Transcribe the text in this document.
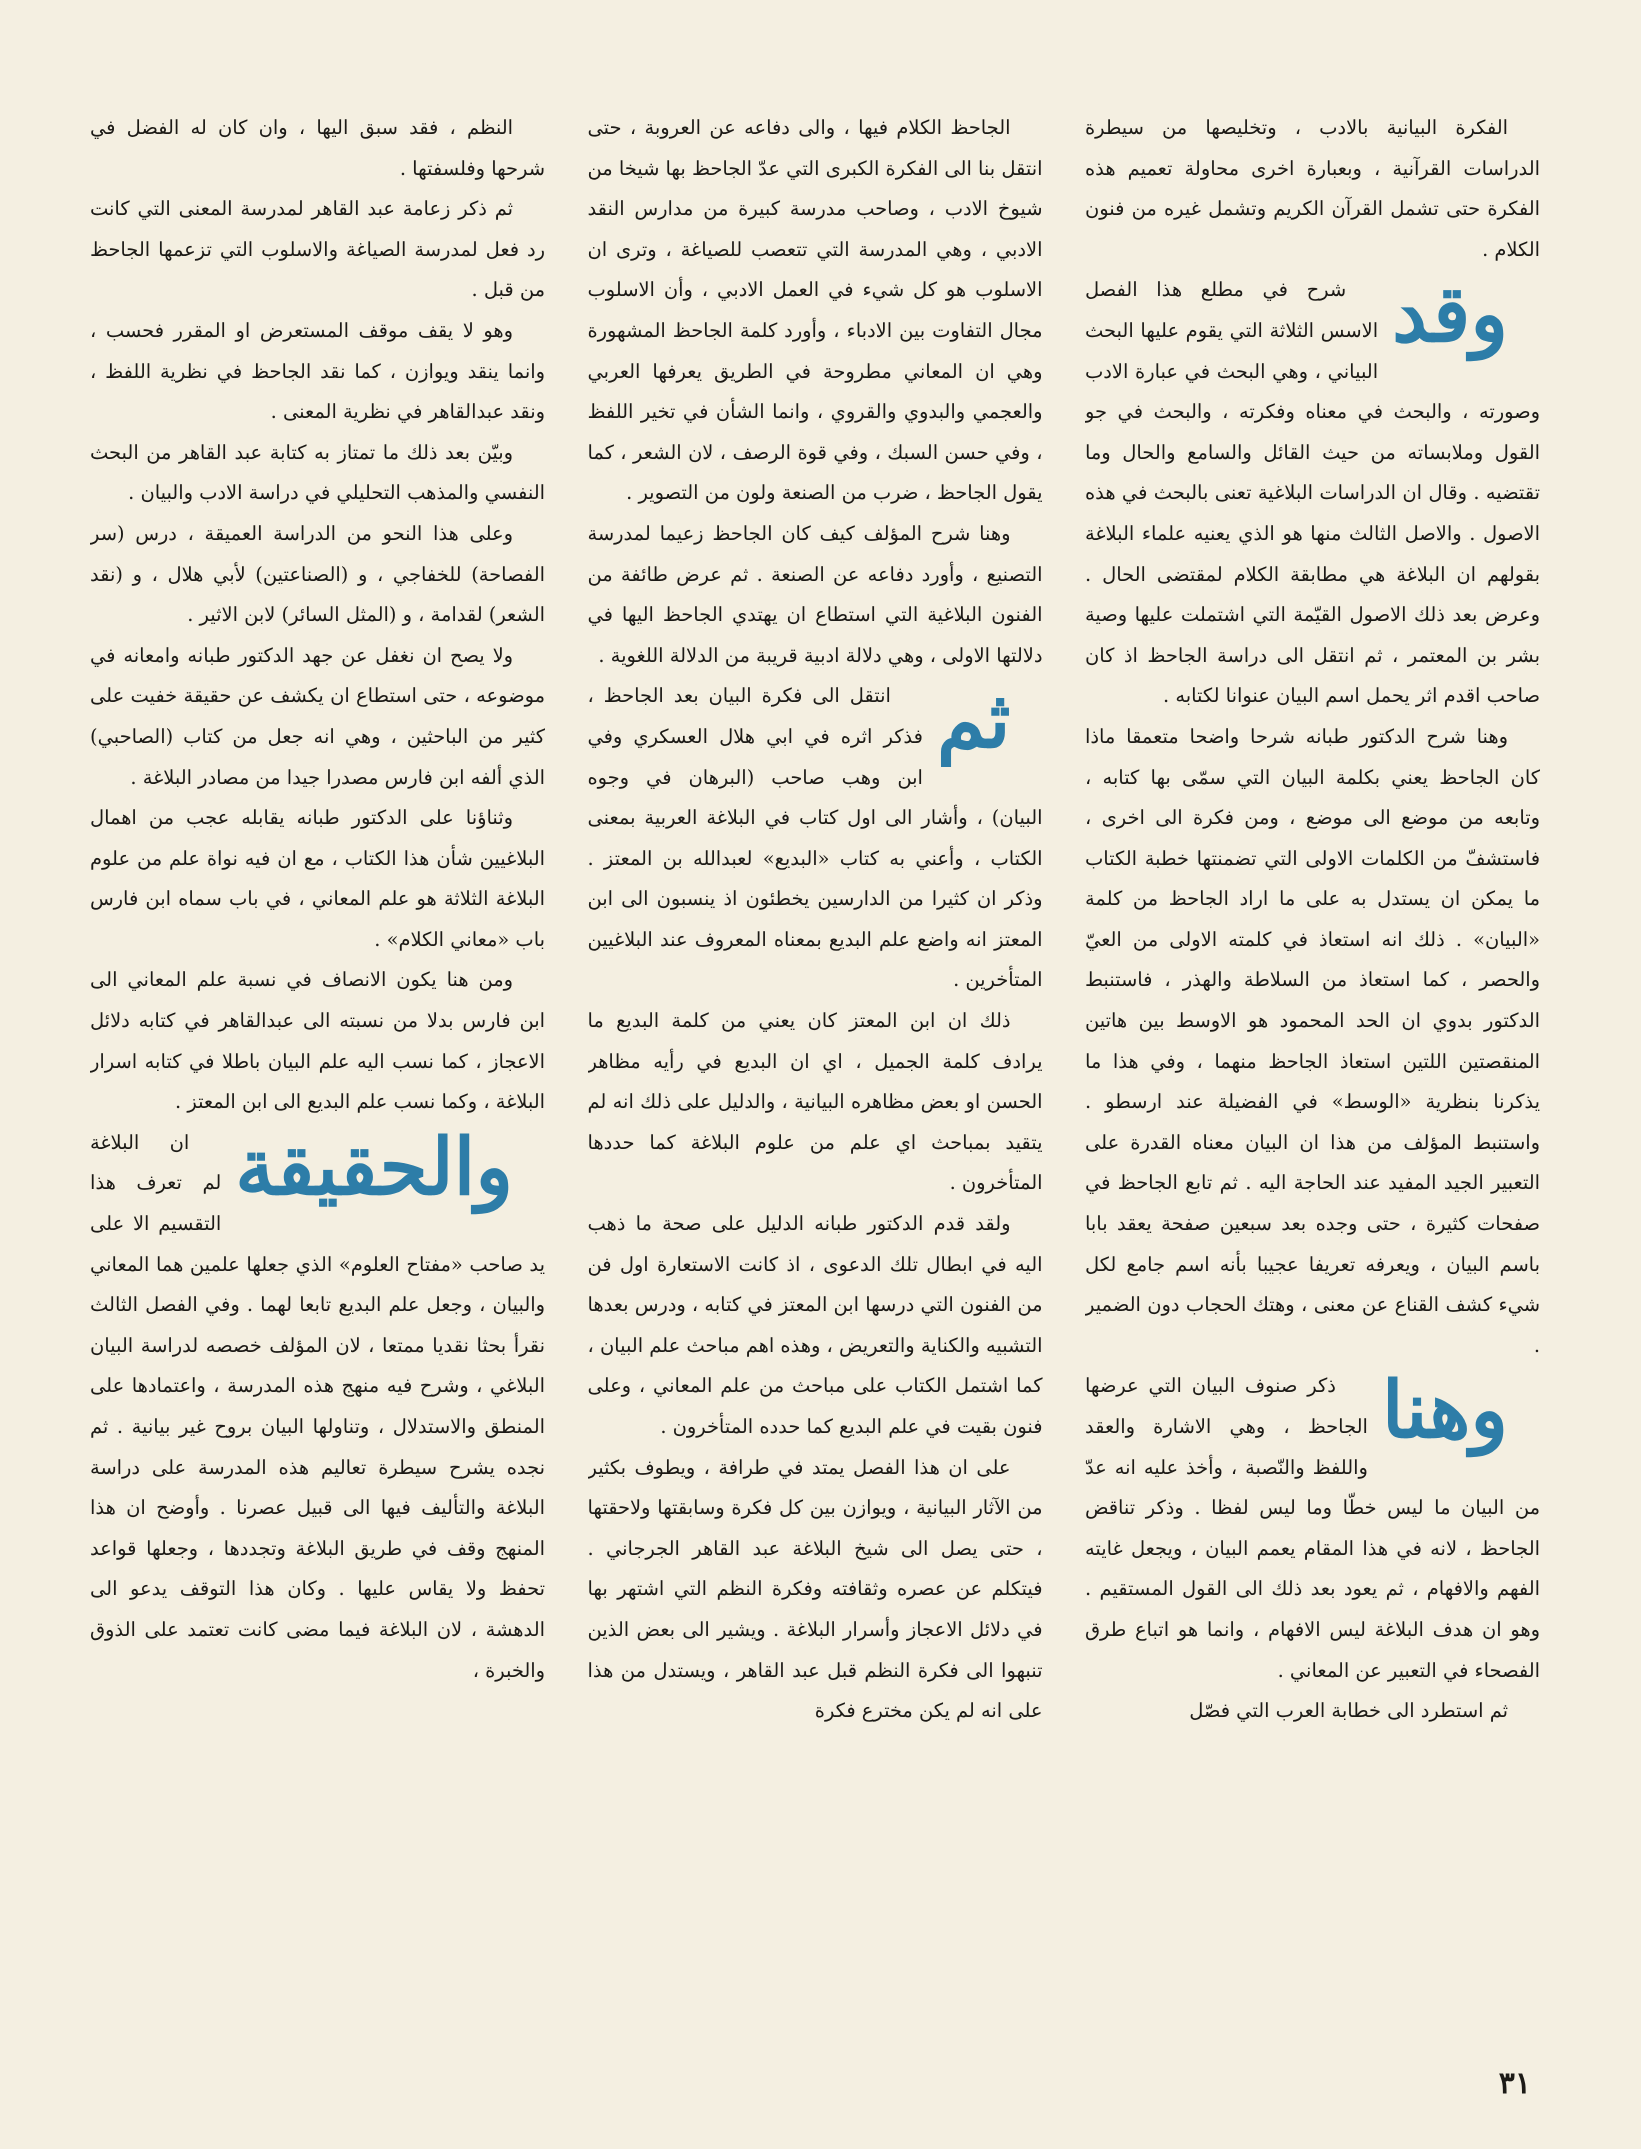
الفكرة البيانية بالادب ، وتخليصها من سيطرة الدراسات القرآنية ، وبعبارة اخرى محاولة تعميم هذه الفكرة حتى تشمل القرآن الكريم وتشمل غيره من فنون الكلام .

وقد
شرح في مطلع هذا الفصل الاسس الثلاثة التي يقوم عليها البحث البياني ، وهي البحث في عبارة الادب وصورته ، والبحث في معناه وفكرته ، والبحث في جو القول وملابساته من حيث القائل والسامع والحال وما تقتضيه . وقال ان الدراسات البلاغية تعنى بالبحث في هذه الاصول . والاصل الثالث منها هو الذي يعنيه علماء البلاغة بقولهم ان البلاغة هي مطابقة الكلام لمقتضى الحال . وعرض بعد ذلك الاصول القيّمة التي اشتملت عليها وصية بشر بن المعتمر ، ثم انتقل الى دراسة الجاحظ اذ كان صاحب اقدم اثر يحمل اسم البيان عنوانا لكتابه .

وهنا شرح الدكتور طبانه شرحا واضحا متعمقا ماذا كان الجاحظ يعني بكلمة البيان التي سمّى بها كتابه ، وتابعه من موضع الى موضع ، ومن فكرة الى اخرى ، فاستشفّ من الكلمات الاولى التي تضمنتها خطبة الكتاب ما يمكن ان يستدل به على ما اراد الجاحظ من كلمة «البيان» . ذلك انه استعاذ في كلمته الاولى من العيّ والحصر ، كما استعاذ من السلاطة والهذر ، فاستنبط الدكتور بدوي ان الحد المحمود هو الاوسط بين هاتين المنقصتين اللتين استعاذ الجاحظ منهما ، وفي هذا ما يذكرنا بنظرية «الوسط» في الفضيلة عند ارسطو . واستنبط المؤلف من هذا ان البيان معناه القدرة على التعبير الجيد المفيد عند الحاجة اليه . ثم تابع الجاحظ في صفحات كثيرة ، حتى وجده بعد سبعين صفحة يعقد بابا باسم البيان ، ويعرفه تعريفا عجيبا بأنه اسم جامع لكل شيء كشف القناع عن معنى ، وهتك الحجاب دون الضمير .

وهنا
ذكر صنوف البيان التي عرضها الجاحظ ، وهي الاشارة والعقد واللفظ والنّصبة ، وأخذ عليه انه عدّ من البيان ما ليس خطّا وما ليس لفظا . وذكر تناقض الجاحظ ، لانه في هذا المقام يعمم البيان ، ويجعل غايته الفهم والافهام ، ثم يعود بعد ذلك الى القول المستقيم . وهو ان هدف البلاغة ليس الافهام ، وانما هو اتباع طرق الفصحاء في التعبير عن المعاني .

ثم استطرد الى خطابة العرب التي فصّل

الجاحظ الكلام فيها ، والى دفاعه عن العروبة ، حتى انتقل بنا الى الفكرة الكبرى التي عدّ الجاحظ بها شيخا من شيوخ الادب ، وصاحب مدرسة كبيرة من مدارس النقد الادبي ، وهي المدرسة التي تتعصب للصياغة ، وترى ان الاسلوب هو كل شيء في العمل الادبي ، وأن الاسلوب مجال التفاوت بين الادباء ، وأورد كلمة الجاحظ المشهورة وهي ان المعاني مطروحة في الطريق يعرفها العربي والعجمي والبدوي والقروي ، وانما الشأن في تخير اللفظ ، وفي حسن السبك ، وفي قوة الرصف ، لان الشعر ، كما يقول الجاحظ ، ضرب من الصنعة ولون من التصوير .

وهنا شرح المؤلف كيف كان الجاحظ زعيما لمدرسة التصنيع ، وأورد دفاعه عن الصنعة . ثم عرض طائفة من الفنون البلاغية التي استطاع ان يهتدي الجاحظ اليها في دلالتها الاولى ، وهي دلالة ادبية قريبة من الدلالة اللغوية .

ثم
انتقل الى فكرة البيان بعد الجاحظ ، فذكر اثره في ابي هلال العسكري وفي ابن وهب صاحب (البرهان في وجوه البيان) ، وأشار الى اول كتاب في البلاغة العربية بمعنى الكتاب ، وأعني به كتاب «البديع» لعبدالله بن المعتز . وذكر ان كثيرا من الدارسين يخطئون اذ ينسبون الى ابن المعتز انه واضع علم البديع بمعناه المعروف عند البلاغيين المتأخرين .

ذلك ان ابن المعتز كان يعني من كلمة البديع ما يرادف كلمة الجميل ، اي ان البديع في رأيه مظاهر الحسن او بعض مظاهره البيانية ، والدليل على ذلك انه لم يتقيد بمباحث اي علم من علوم البلاغة كما حددها المتأخرون .

ولقد قدم الدكتور طبانه الدليل على صحة ما ذهب اليه في ابطال تلك الدعوى ، اذ كانت الاستعارة اول فن من الفنون التي درسها ابن المعتز في كتابه ، ودرس بعدها التشبيه والكناية والتعريض ، وهذه اهم مباحث علم البيان ، كما اشتمل الكتاب على مباحث من علم المعاني ، وعلى فنون بقيت في علم البديع كما حدده المتأخرون .

على ان هذا الفصل يمتد في طرافة ، ويطوف بكثير من الآثار البيانية ، ويوازن بين كل فكرة وسابقتها ولاحقتها ، حتى يصل الى شيخ البلاغة عبد القاهر الجرجاني . فيتكلم عن عصره وثقافته وفكرة النظم التي اشتهر بها في دلائل الاعجاز وأسرار البلاغة . ويشير الى بعض الذين تنبهوا الى فكرة النظم قبل عبد القاهر ، ويستدل من هذا على انه لم يكن مخترع فكرة

النظم ، فقد سبق اليها ، وان كان له الفضل في شرحها وفلسفتها .

ثم ذكر زعامة عبد القاهر لمدرسة المعنى التي كانت رد فعل لمدرسة الصياغة والاسلوب التي تزعمها الجاحظ من قبل .

وهو لا يقف موقف المستعرض او المقرر فحسب ، وانما ينقد ويوازن ، كما نقد الجاحظ في نظرية اللفظ ، ونقد عبدالقاهر في نظرية المعنى .

وبيّن بعد ذلك ما تمتاز به كتابة عبد القاهر من البحث النفسي والمذهب التحليلي في دراسة الادب والبيان .

وعلى هذا النحو من الدراسة العميقة ، درس (سر الفصاحة) للخفاجي ، و (الصناعتين) لأبي هلال ، و (نقد الشعر) لقدامة ، و (المثل السائر) لابن الاثير .

ولا يصح ان نغفل عن جهد الدكتور طبانه وامعانه في موضوعه ، حتى استطاع ان يكشف عن حقيقة خفيت على كثير من الباحثين ، وهي انه جعل من كتاب (الصاحبي) الذي ألفه ابن فارس مصدرا جيدا من مصادر البلاغة .

وثناؤنا على الدكتور طبانه يقابله عجب من اهمال البلاغيين شأن هذا الكتاب ، مع ان فيه نواة علم من علوم البلاغة الثلاثة هو علم المعاني ، في باب سماه ابن فارس باب «معاني الكلام» .

ومن هنا يكون الانصاف في نسبة علم المعاني الى ابن فارس بدلا من نسبته الى عبدالقاهر في كتابه دلائل الاعجاز ، كما نسب اليه علم البيان باطلا في كتابه اسرار البلاغة ، وكما نسب علم البديع الى ابن المعتز .

والحقيقة
ان البلاغة لم تعرف هذا التقسيم الا على يد صاحب «مفتاح العلوم» الذي جعلها علمين هما المعاني والبيان ، وجعل علم البديع تابعا لهما . وفي الفصل الثالث نقرأ بحثا نقديا ممتعا ، لان المؤلف خصصه لدراسة البيان البلاغي ، وشرح فيه منهج هذه المدرسة ، واعتمادها على المنطق والاستدلال ، وتناولها البيان بروح غير بيانية . ثم نجده يشرح سيطرة تعاليم هذه المدرسة على دراسة البلاغة والتأليف فيها الى قبيل عصرنا . وأوضح ان هذا المنهج وقف في طريق البلاغة وتجددها ، وجعلها قواعد تحفظ ولا يقاس عليها . وكان هذا التوقف يدعو الى الدهشة ، لان البلاغة فيما مضى كانت تعتمد على الذوق والخبرة ،

٣١
